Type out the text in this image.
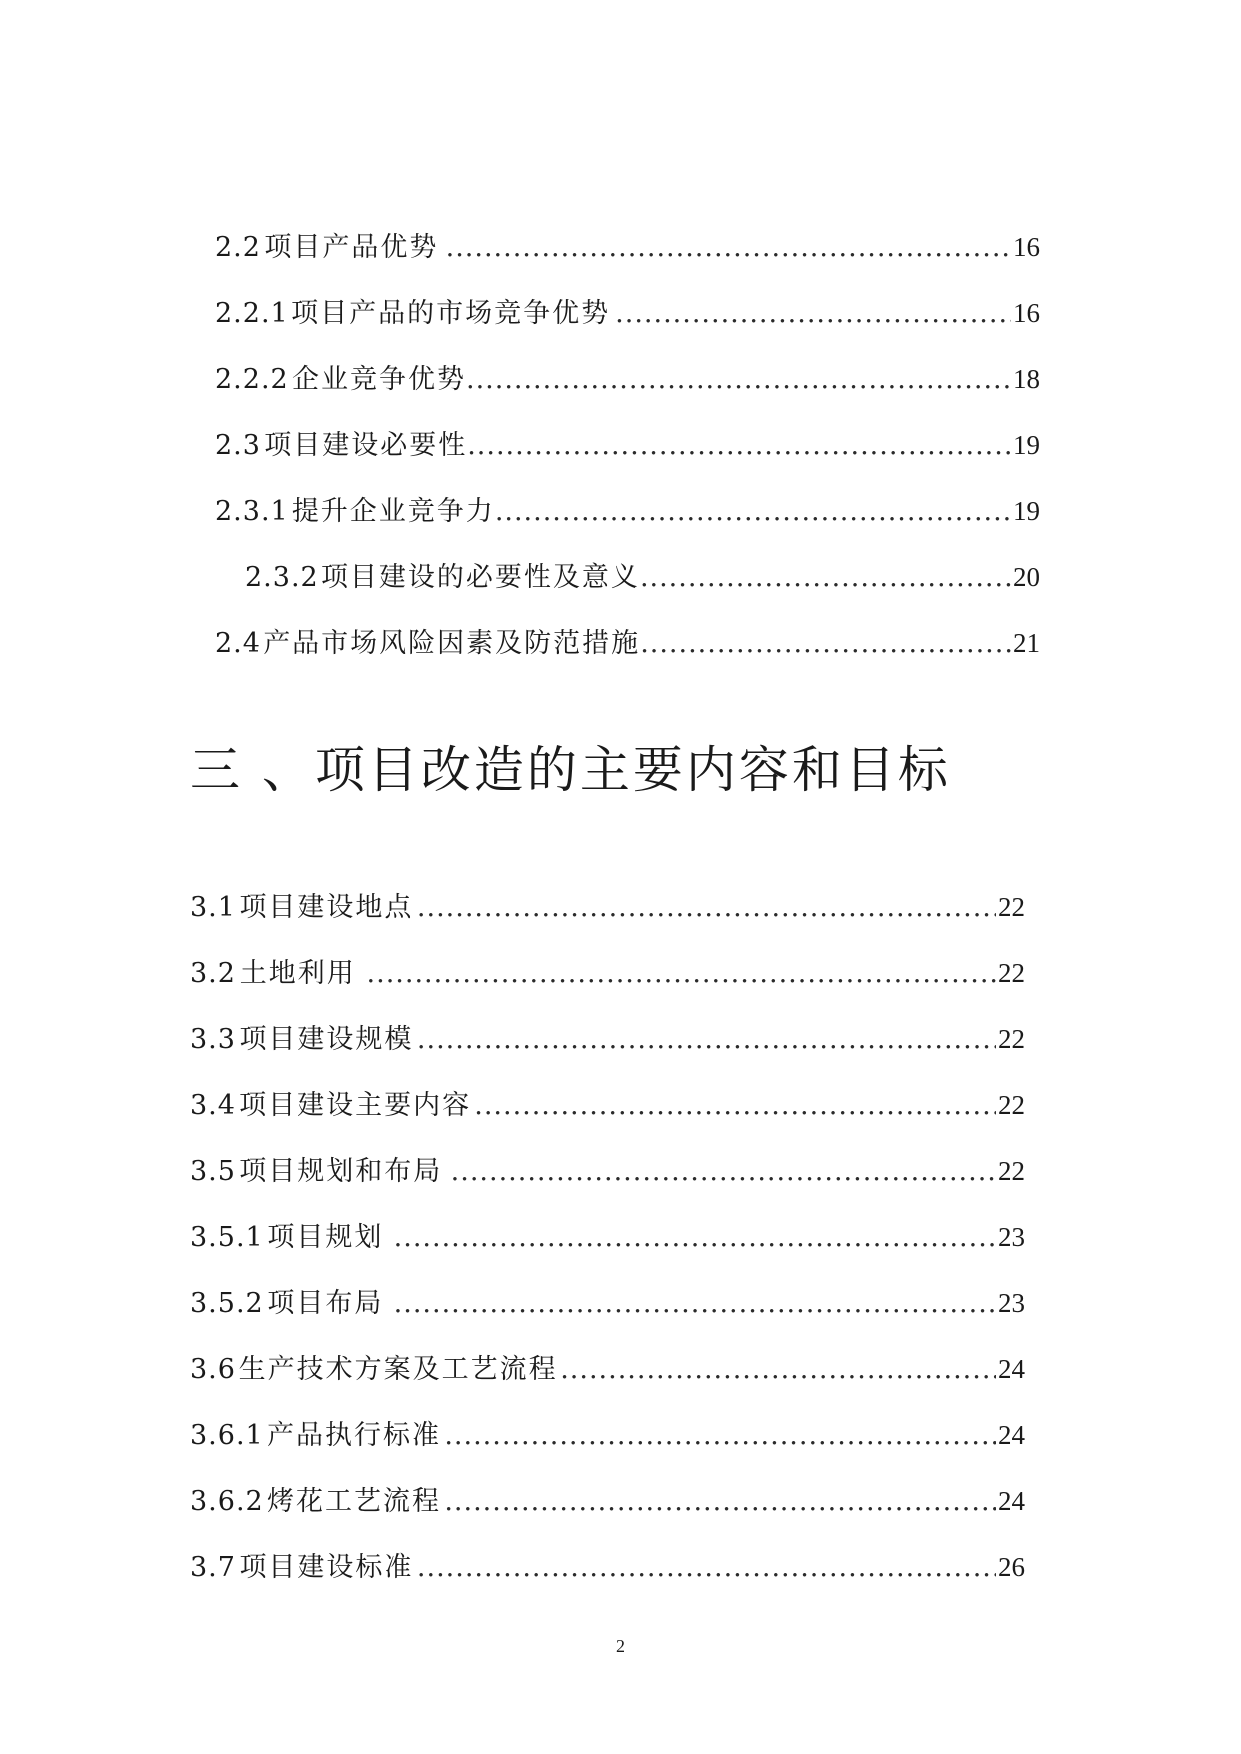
2.2 项目产品优势 .....	16
2.2.1 项目产品的市场竞争优势 .....	16
2.2.2 企业竞争优势 .....	18
2.3 项目建设必要性 .....	19
2.3.1 提升企业竞争力 .....	19
2.3.2 项目建设的必要性及意义 .....	20
2.4 产品市场风险因素及防范措施 .....	21
三 、项目改造的主要内容和目标
3.1 项目建设地点 .....	22
3.2 土地利用 .....	22
3.3 项目建设规模 .....	22
3.4 项目建设主要内容 .....	22
3.5 项目规划和布局 .....	22
3.5.1 项目规划 .....	23
3.5.2 项目布局 .....	23
3.6 生产技术方案及工艺流程 .....	24
3.6.1 产品执行标准 .....	24
3.6.2 烤花工艺流程 .....	24
3.7 项目建设标准 .....	26
2
